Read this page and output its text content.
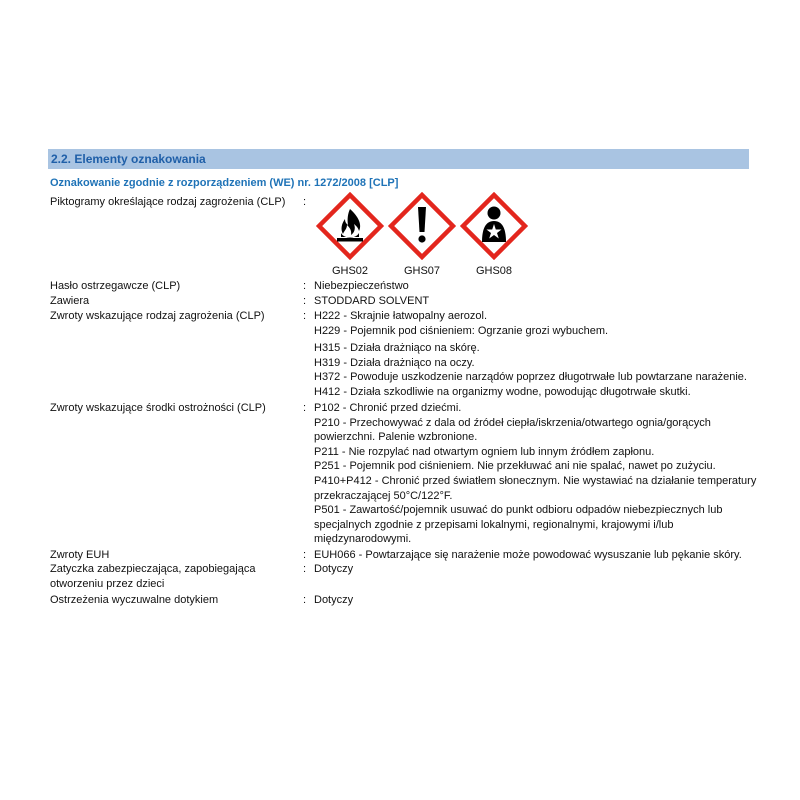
2.2. Elementy oznakowania
Oznakowanie zgodnie z rozporządzeniem (WE) nr. 1272/2008 [CLP]
Piktogramy określające rodzaj zagrożenia (CLP) :
GHS02	GHS07	GHS08
Hasło ostrzegawcze (CLP)	: Niebezpieczeństwo
Zawiera	: STODDARD SOLVENT
Zwroty wskazujące rodzaj zagrożenia (CLP)	: H222 - Skrajnie łatwopalny aerozol.
H229 - Pojemnik pod ciśnieniem: Ogrzanie grozi wybuchem.
H315 - Działa drażniąco na skórę.
H319 - Działa drażniąco na oczy.
H372 - Powoduje uszkodzenie narządów poprzez długotrwałe lub powtarzane narażenie.
H412 - Działa szkodliwie na organizmy wodne, powodując długotrwałe skutki.
Zwroty wskazujące środki ostrożności (CLP)	: P102 - Chronić przed dziećmi.
P210 - Przechowywać z dala od źródeł ciepła/iskrzenia/otwartego ognia/gorących
powierzchni. Palenie wzbronione.
P211 - Nie rozpylać nad otwartym ogniem lub innym źródłem zapłonu.
P251 - Pojemnik pod ciśnieniem. Nie przekłuwać ani nie spalać, nawet po zużyciu.
P410+P412 - Chronić przed światłem słonecznym. Nie wystawiać na działanie temperatury
przekraczającej 50°C/122°F.
P501 - Zawartość/pojemnik usuwać do punkt odbioru odpadów niebezpiecznych lub
specjalnych zgodnie z przepisami lokalnymi, regionalnymi, krajowymi i/lub
międzynarodowymi.
Zwroty EUH	: EUH066 - Powtarzające się narażenie może powodować wysuszanie lub pękanie skóry.
Zatyczka zabezpieczająca, zapobiegająca
otworzeniu przez dzieci
: Dotyczy
Ostrzeżenia wyczuwalne dotykiem	: Dotyczy
